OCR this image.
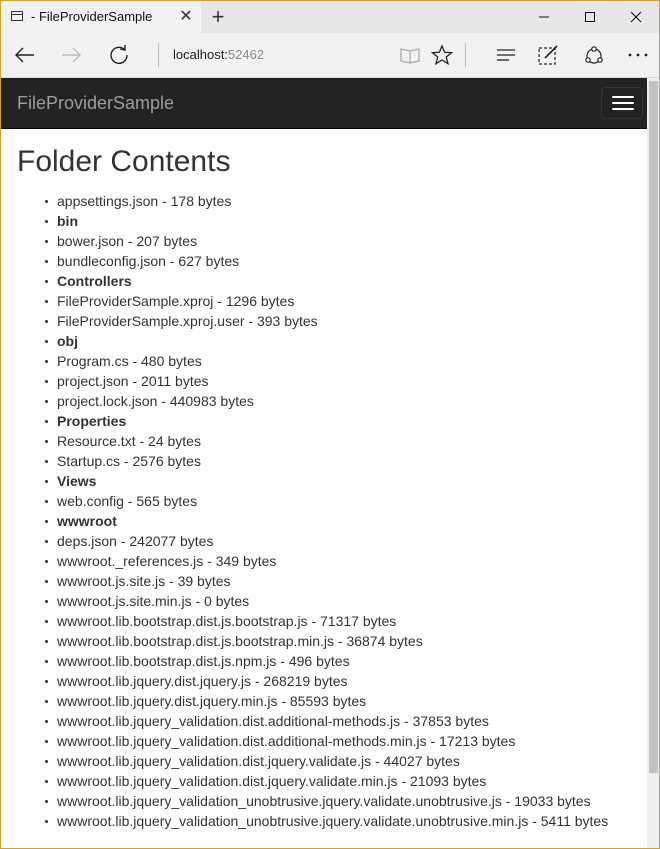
- FileProviderSample ✕ +
localhost:52462
FileProviderSample
Folder Contents
appsettings.json - 178 bytes
bin
bower.json - 207 bytes
bundleconfig.json - 627 bytes
Controllers
FileProviderSample.xproj - 1296 bytes
FileProviderSample.xproj.user - 393 bytes
obj
Program.cs - 480 bytes
project.json - 2011 bytes
project.lock.json - 440983 bytes
Properties
Resource.txt - 24 bytes
Startup.cs - 2576 bytes
Views
web.config - 565 bytes
wwwroot
deps.json - 242077 bytes
wwwroot._references.js - 349 bytes
wwwroot.js.site.js - 39 bytes
wwwroot.js.site.min.js - 0 bytes
wwwroot.lib.bootstrap.dist.js.bootstrap.js - 71317 bytes
wwwroot.lib.bootstrap.dist.js.bootstrap.min.js - 36874 bytes
wwwroot.lib.bootstrap.dist.js.npm.js - 496 bytes
wwwroot.lib.jquery.dist.jquery.js - 268219 bytes
wwwroot.lib.jquery.dist.jquery.min.js - 85593 bytes
wwwroot.lib.jquery_validation.dist.additional-methods.js - 37853 bytes
wwwroot.lib.jquery_validation.dist.additional-methods.min.js - 17213 bytes
wwwroot.lib.jquery_validation.dist.jquery.validate.js - 44027 bytes
wwwroot.lib.jquery_validation.dist.jquery.validate.min.js - 21093 bytes
wwwroot.lib.jquery_validation_unobtrusive.jquery.validate.unobtrusive.js - 19033 bytes
wwwroot.lib.jquery_validation_unobtrusive.jquery.validate.unobtrusive.min.js - 5411 bytes
